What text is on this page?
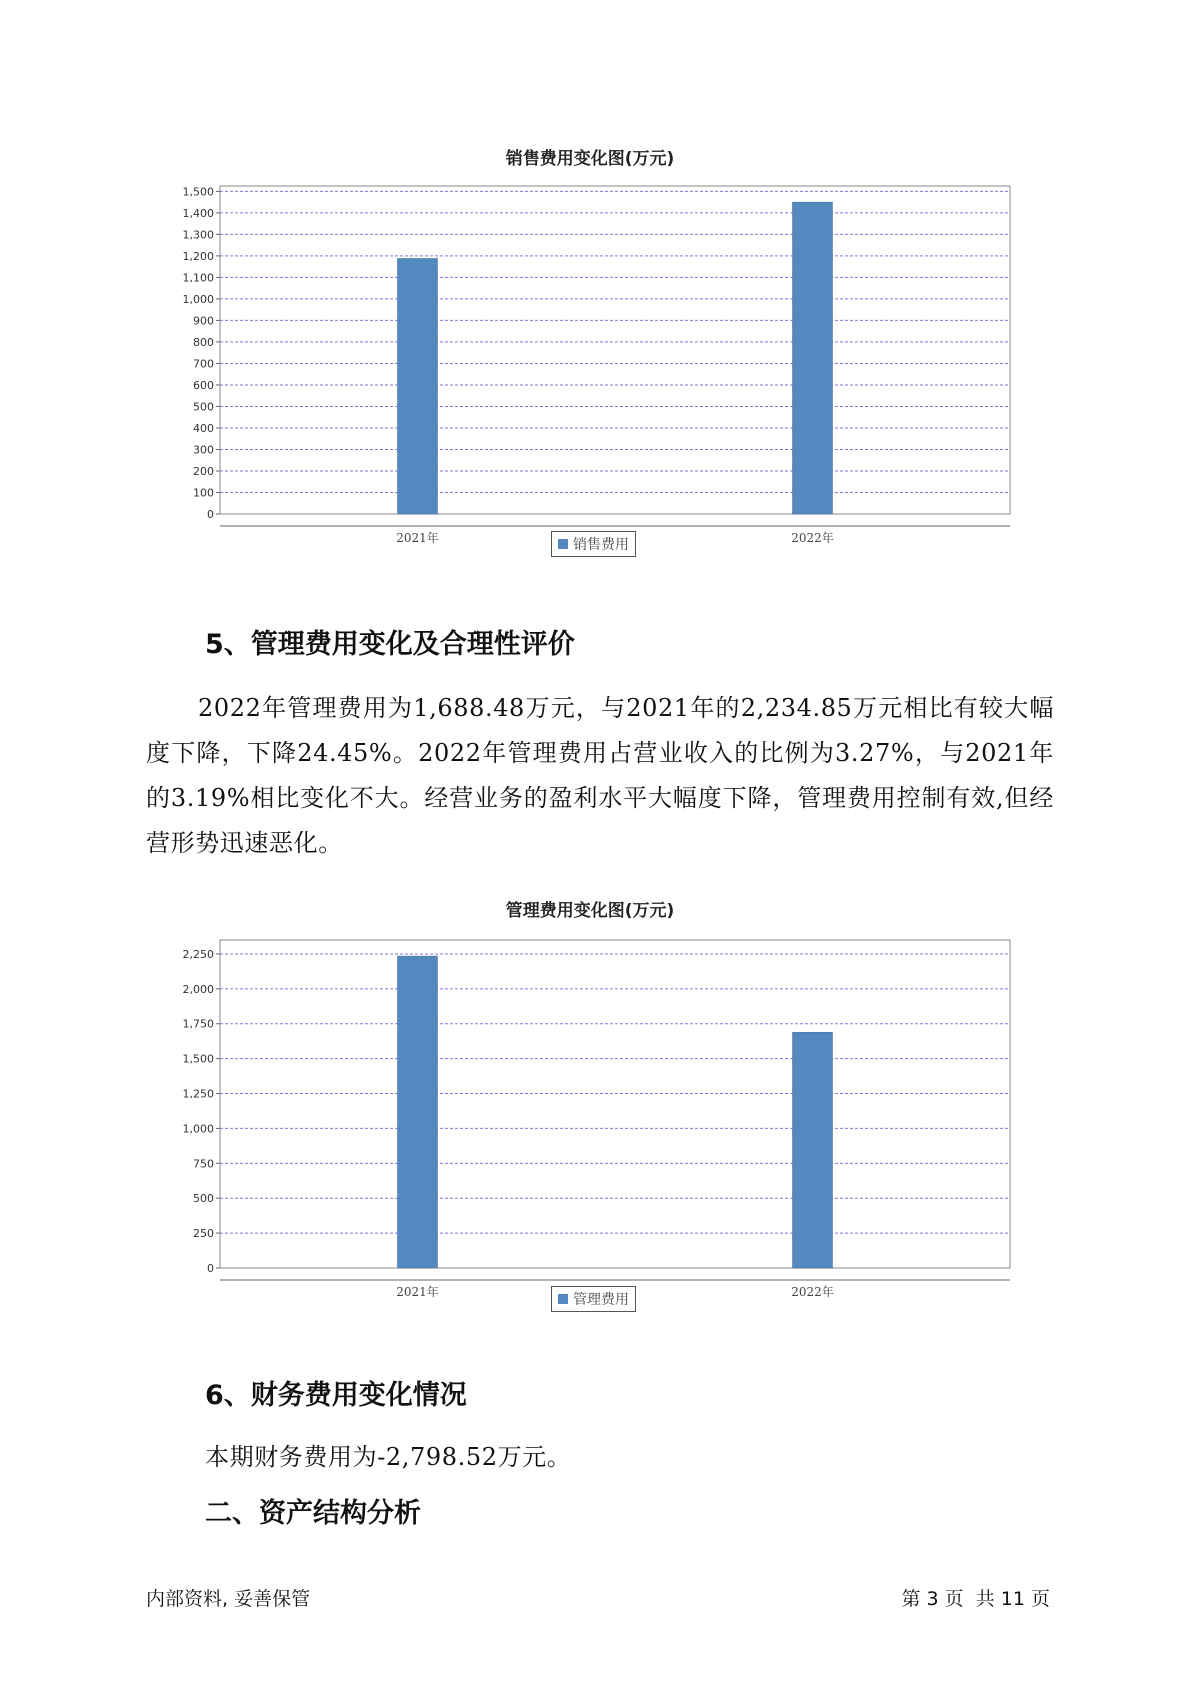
销售费用变化图(万元)
0
100
200
300
400
500
600
700
800
900
1,000
1,100
1,200
1,300
1,400
1,500
2021年	2022年
销售费用
5、管理费用变化及合理性评价

2022年管理费用为1,688.48万元，与2021年的2,234.85万元相比有较大幅度下降，下降24.45%。2022年管理费用占营业收入的比例为3.27%，与2021年的3.19%相比变化不大。经营业务的盈利水平大幅度下降，管理费用控制有效,但经营形势迅速恶化。

管理费用变化图(万元)
0
250
500
750
1,000
1,250
1,500
1,750
2,000
2,250
2021年	2022年
管理费用
6、财务费用变化情况
本期财务费用为-2,798.52万元。
二、资产结构分析
内部资料, 妥善保管	第 3 页  共 11 页
